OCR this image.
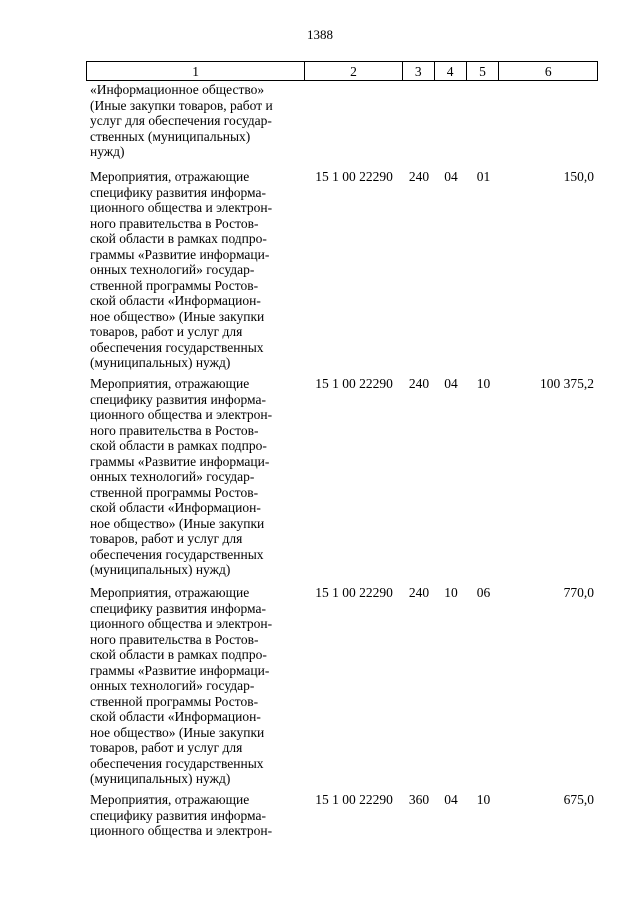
1388
1	2	3	4	5	6
«Информационное общество»
(Иные закупки товаров, работ и
услуг для обеспечения государ-
ственных (муниципальных)
нужд)
Мероприятия, отражающие
специфику развития информа-
ционного общества и электрон-
ного правительства в Ростов-
ской области в рамках подпро-
граммы «Развитие информаци-
онных технологий» государ-
ственной программы Ростов-
ской области «Информацион-
ное общество» (Иные закупки
товаров, работ и услуг для
обеспечения государственных
(муниципальных) нужд)
15 1 00 22290	240	04	01	150,0
Мероприятия, отражающие
специфику развития информа-
ционного общества и электрон-
ного правительства в Ростов-
ской области в рамках подпро-
граммы «Развитие информаци-
онных технологий» государ-
ственной программы Ростов-
ской области «Информацион-
ное общество» (Иные закупки
товаров, работ и услуг для
обеспечения государственных
(муниципальных) нужд)
15 1 00 22290	240	04	10	100 375,2
Мероприятия, отражающие
специфику развития информа-
ционного общества и электрон-
ного правительства в Ростов-
ской области в рамках подпро-
граммы «Развитие информаци-
онных технологий» государ-
ственной программы Ростов-
ской области «Информацион-
ное общество» (Иные закупки
товаров, работ и услуг для
обеспечения государственных
(муниципальных) нужд)
15 1 00 22290	240	10	06	770,0
Мероприятия, отражающие
специфику развития информа-
ционного общества и электрон-
15 1 00 22290	360	04	10	675,0
